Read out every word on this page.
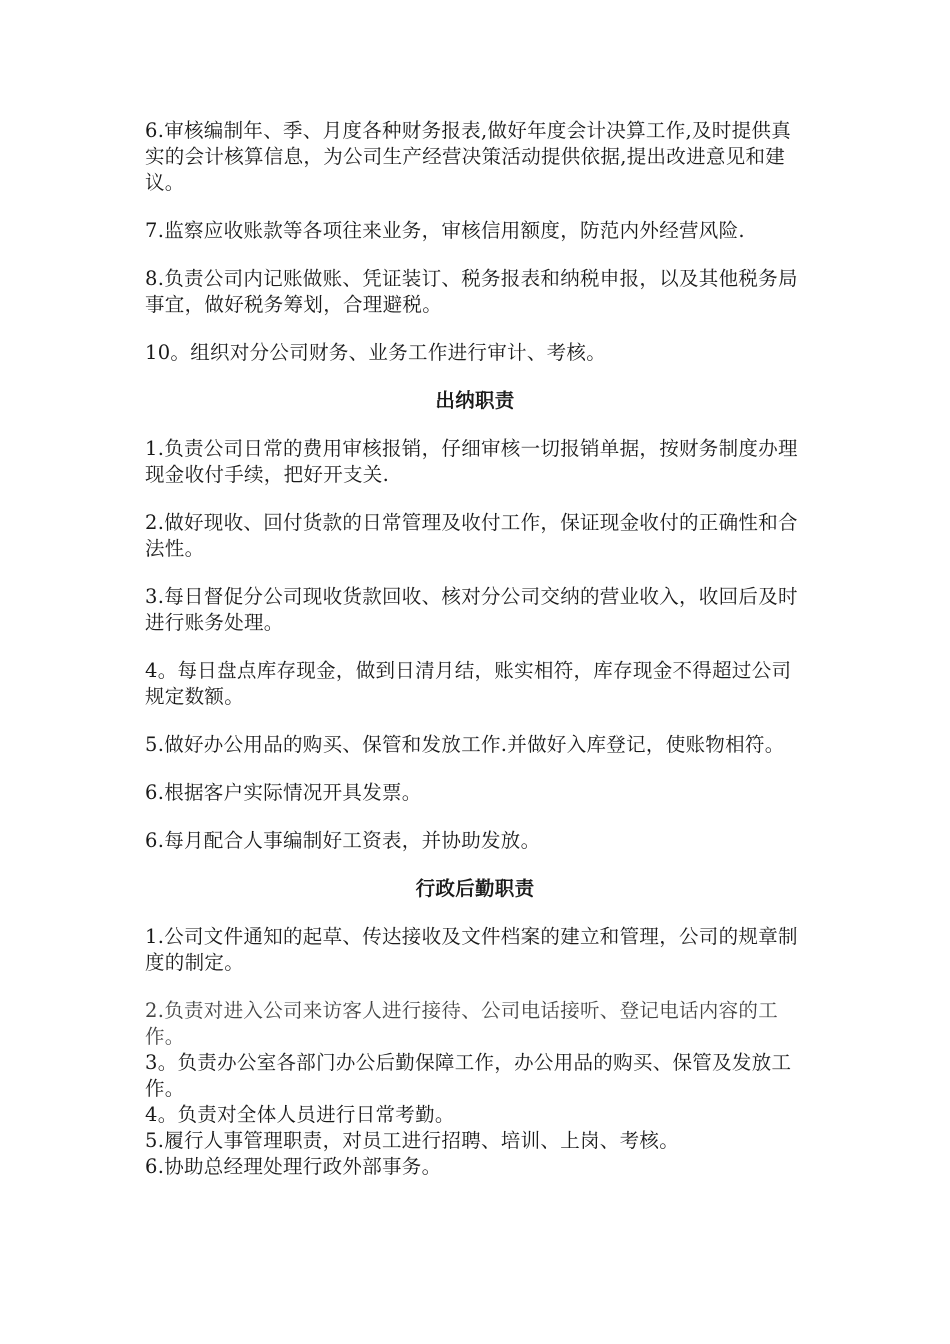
6.审核编制年、季、月度各种财务报表,做好年度会计决算工作,及时提供真实的会计核算信息，为公司生产经营决策活动提供依据,提出改进意见和建议。

7.监察应收账款等各项往来业务，审核信用额度，防范内外经营风险.

8.负责公司内记账做账、凭证装订、税务报表和纳税申报，以及其他税务局事宜，做好税务筹划，合理避税。

10。组织对分公司财务、业务工作进行审计、考核。

出纳职责

1.负责公司日常的费用审核报销，仔细审核一切报销单据，按财务制度办理现金收付手续，把好开支关.

2.做好现收、回付货款的日常管理及收付工作，保证现金收付的正确性和合法性。

3.每日督促分公司现收货款回收、核对分公司交纳的营业收入，收回后及时进行账务处理。

4。每日盘点库存现金，做到日清月结，账实相符，库存现金不得超过公司规定数额。

5.做好办公用品的购买、保管和发放工作.并做好入库登记，使账物相符。

6.根据客户实际情况开具发票。

6.每月配合人事编制好工资表，并协助发放。

行政后勤职责

1.公司文件通知的起草、传达接收及文件档案的建立和管理，公司的规章制度的制定。

2.负责对进入公司来访客人进行接待、公司电话接听、登记电话内容的工作。

3。负责办公室各部门办公后勤保障工作，办公用品的购买、保管及发放工作。

4。负责对全体人员进行日常考勤。

5.履行人事管理职责，对员工进行招聘、培训、上岗、考核。

6.协助总经理处理行政外部事务。
